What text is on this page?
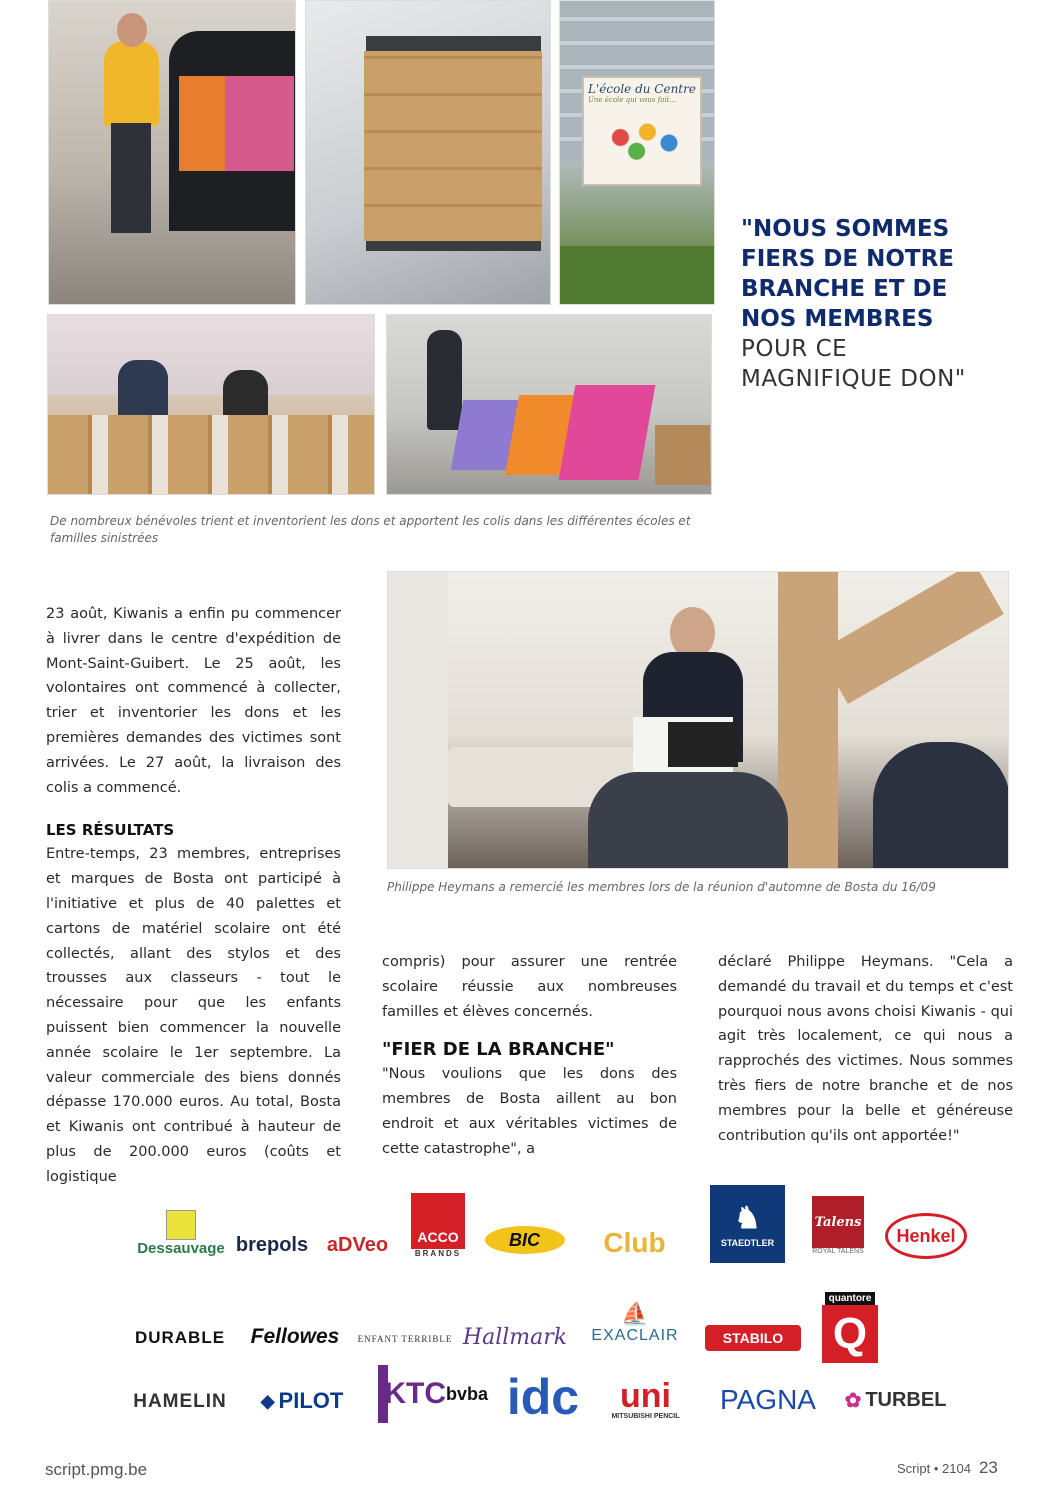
L'école du Centre
Une école qui vous fait...
De nombreux bénévoles trient et inventorient les dons et apportent les colis dans les différentes écoles et familles sinistrées
"NOUS SOMMES
FIERS DE NOTRE
BRANCHE ET DE
NOS MEMBRES
POUR CE
MAGNIFIQUE DON"
Philippe Heymans a remercié les membres lors de la réunion d'automne de Bosta du 16/09

23 août, Kiwanis a enfin pu commencer à livrer dans le centre d'expédition de Mont-Saint-Guibert. Le 25 août, les volontaires ont commencé à collecter, trier et inventorier les dons et les premières demandes des victimes sont arrivées. Le 27 août, la livraison des colis a commencé.

LES RÉSULTATS

Entre-temps, 23 membres, entreprises et marques de Bosta ont participé à l'initiative et plus de 40 palettes et cartons de matériel scolaire ont été collectés, allant des stylos et des trousses aux classeurs - tout le nécessaire pour que les enfants puissent bien commencer la nouvelle année scolaire le 1er septembre. La valeur commerciale des biens donnés dépasse 170.000 euros. Au total, Bosta et Kiwanis ont contribué à hauteur de plus de 200.000 euros (coûts et logistique

compris) pour assurer une rentrée scolaire réussie aux nombreuses familles et élèves concernés.

"FIER DE LA BRANCHE"

"Nous voulions que les dons des membres de Bosta aillent au bon endroit et aux véritables victimes de cette catastrophe", a

déclaré Philippe Heymans. "Cela a demandé du travail et du temps et c'est pourquoi nous avons choisi Kiwanis - qui agit très localement, ce qui nous a rapprochés des victimes. Nous sommes très fiers de notre branche et de nos membres pour la belle et généreuse contribution qu'ils ont apportée!"

Dessauvage brepols aDVeo	ACCO
BRANDS
BIC	Club
♞
STAEDTLER
Talens
ROYAL TALENS
Henkel
DURABLE Fellowes	ENFANT TERRIBLE Hallmark
⛵
EXACLAIR	STABILO
quantore
Q
HAMELIN	◆ PILOT KTC bvba idc uni
MITSUBISHI PENCIL
PAGNA	✿ TURBEL
script.pmg.be	Script • 2104 23
